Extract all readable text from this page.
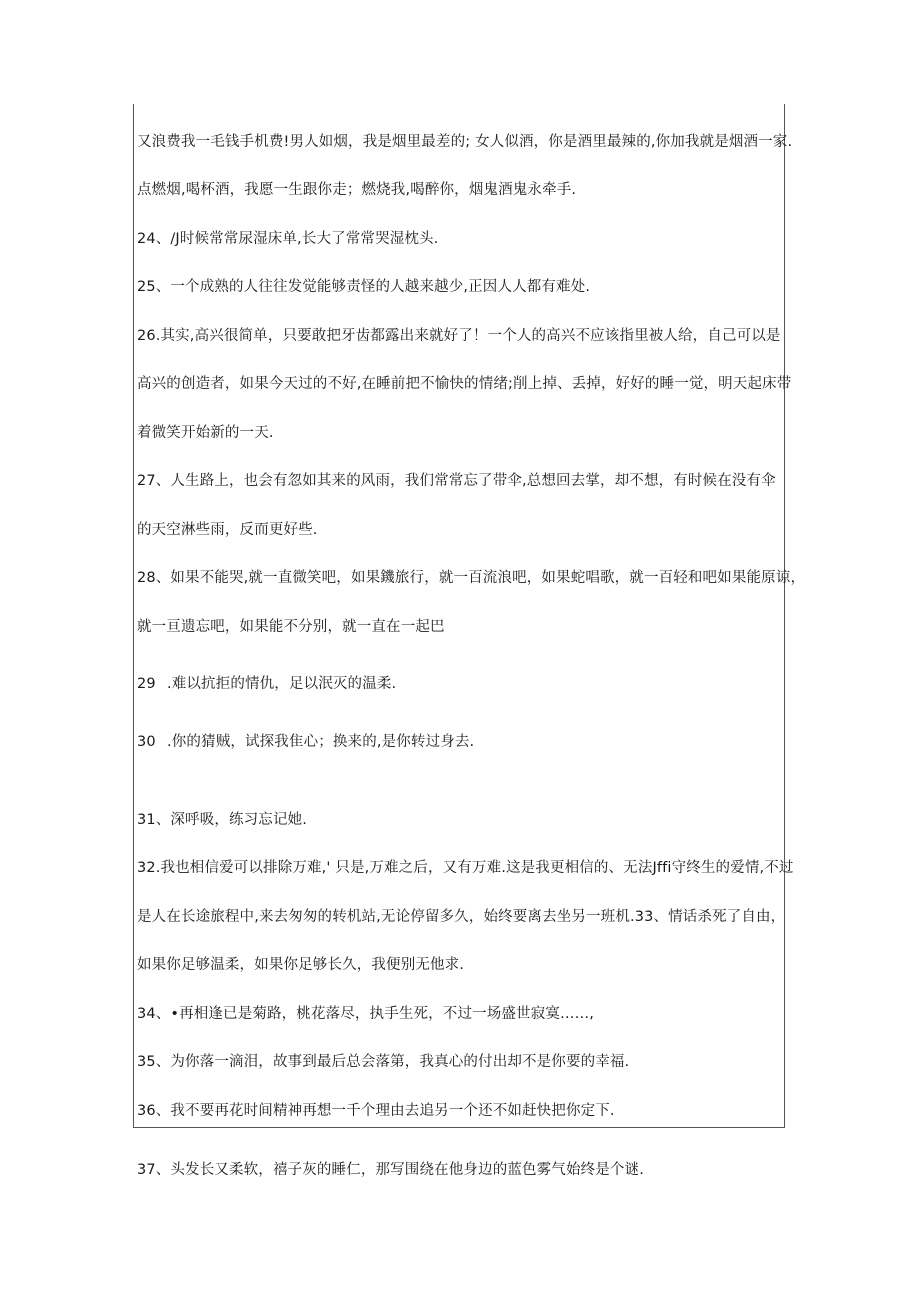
又浪费我一毛钱手机费!男人如烟，我是烟里最差的; 女人似酒，你是酒里最辣的,你加我就是烟酒一家.
点燃烟,喝杯酒，我愿一生跟你走；燃烧我,喝醉你，烟鬼酒鬼永牵手.
24、/J时候常常尿湿床单,长大了常常哭湿枕头.
25、一个成熟的人往往发觉能够责怪的人越来越少,正因人人都有难处.
26.其实,高兴很简单，只要敢把牙齿都露出来就好了！一个人的高兴不应该指里被人给，自己可以是
高兴的创造者，如果今天过的不好,在睡前把不愉快的情绪;削上掉、丢掉，好好的睡一觉，明天起床带
着微笑开始新的一天.
27、人生路上，也会有忽如其来的风雨，我们常常忘了带伞,总想回去掌，却不想，有时候在没有伞
的天空淋些雨，反而更好些.
28、如果不能哭,就一直微笑吧，如果鐖旅行，就一百流浪吧，如果蛇唱歌，就一百轻和吧如果能原谅，
就一亘遗忘吧，如果能不分别，就一直在一起巴
29 .难以抗拒的情仇，足以泯灭的温柔.
30 .你的猜贼，试探我隹心；换来的,是你转过身去.
31、深呼吸，练习忘记她.
32.我也相信爱可以排除万难,' 只是,万难之后，又有万难.这是我更相信的、无法Jffi守终生的爱情,不过
是人在长途旅程中,来去匆匆的转机站,无论停留多久，始终要离去坐另一班机.33、情话杀死了自由，
如果你足够温柔，如果你足够长久，我便别无他求.
34、•再相逢已是菊路，桃花落尽，执手生死，不过一场盛世寂寞……,
35、为你落一滴泪，故事到最后总会落第，我真心的付出却不是你要的幸福.
36、我不要再花时间精神再想一千个理由去追另一个还不如赶快把你定下.
37、头发长又柔软，禧子灰的睡仁，那写围绕在他身边的蓝色雾气始终是个谜.
